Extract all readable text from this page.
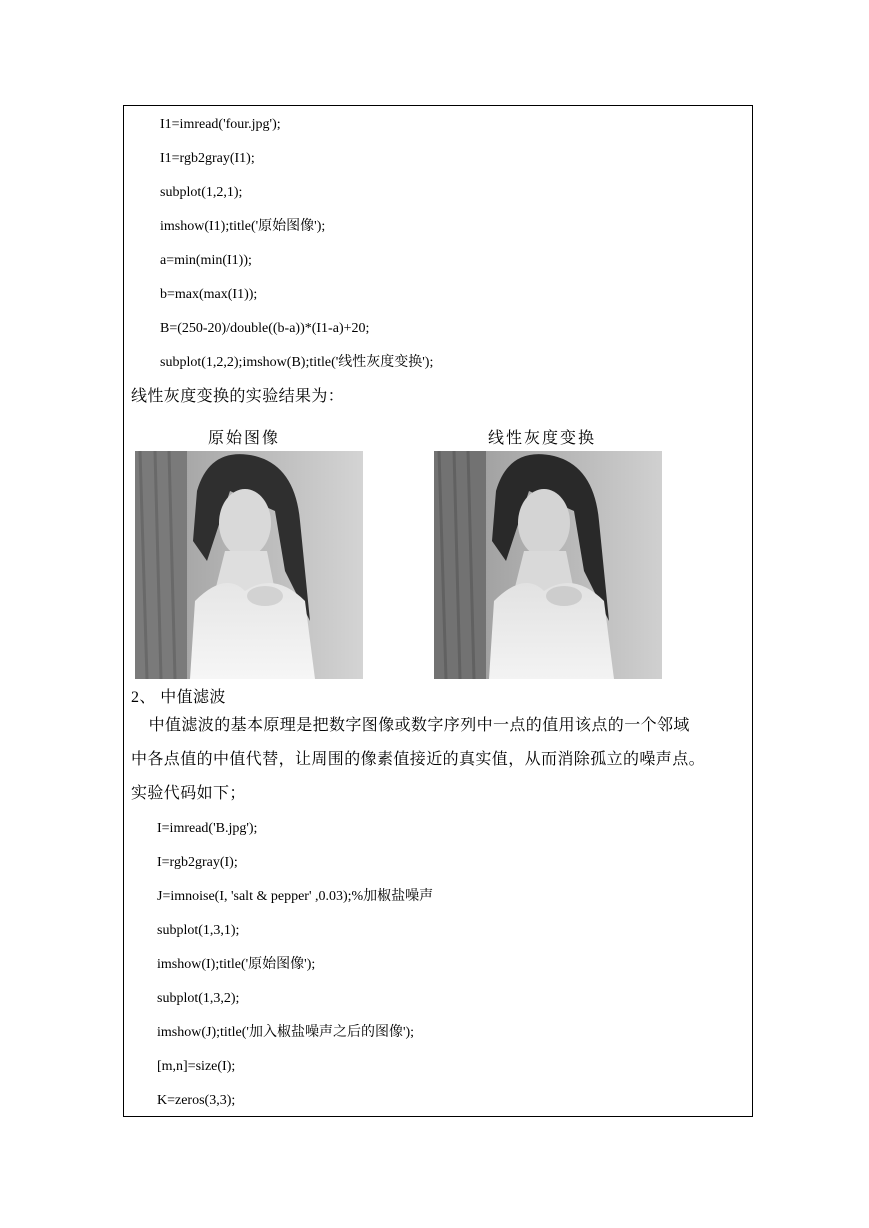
I1=imread('four.jpg');
I1=rgb2gray(I1);
subplot(1,2,1);
imshow(I1);title('原始图像');
a=min(min(I1));
b=max(max(I1));
B=(250-20)/double((b-a))*(I1-a)+20;
subplot(1,2,2);imshow(B);title('线性灰度变换');
线性灰度变换的实验结果为：
原始图像	线性灰度变换
2、 中值滤波
中值滤波的基本原理是把数字图像或数字序列中一点的值用该点的一个邻域
中各点值的中值代替，让周围的像素值接近的真实值，从而消除孤立的噪声点。
实验代码如下；
I=imread('B.jpg');
I=rgb2gray(I);
J=imnoise(I, 'salt & pepper' ,0.03);%加椒盐噪声
subplot(1,3,1);
imshow(I);title('原始图像');
subplot(1,3,2);
imshow(J);title('加入椒盐噪声之后的图像');
[m,n]=size(I);
K=zeros(3,3);
